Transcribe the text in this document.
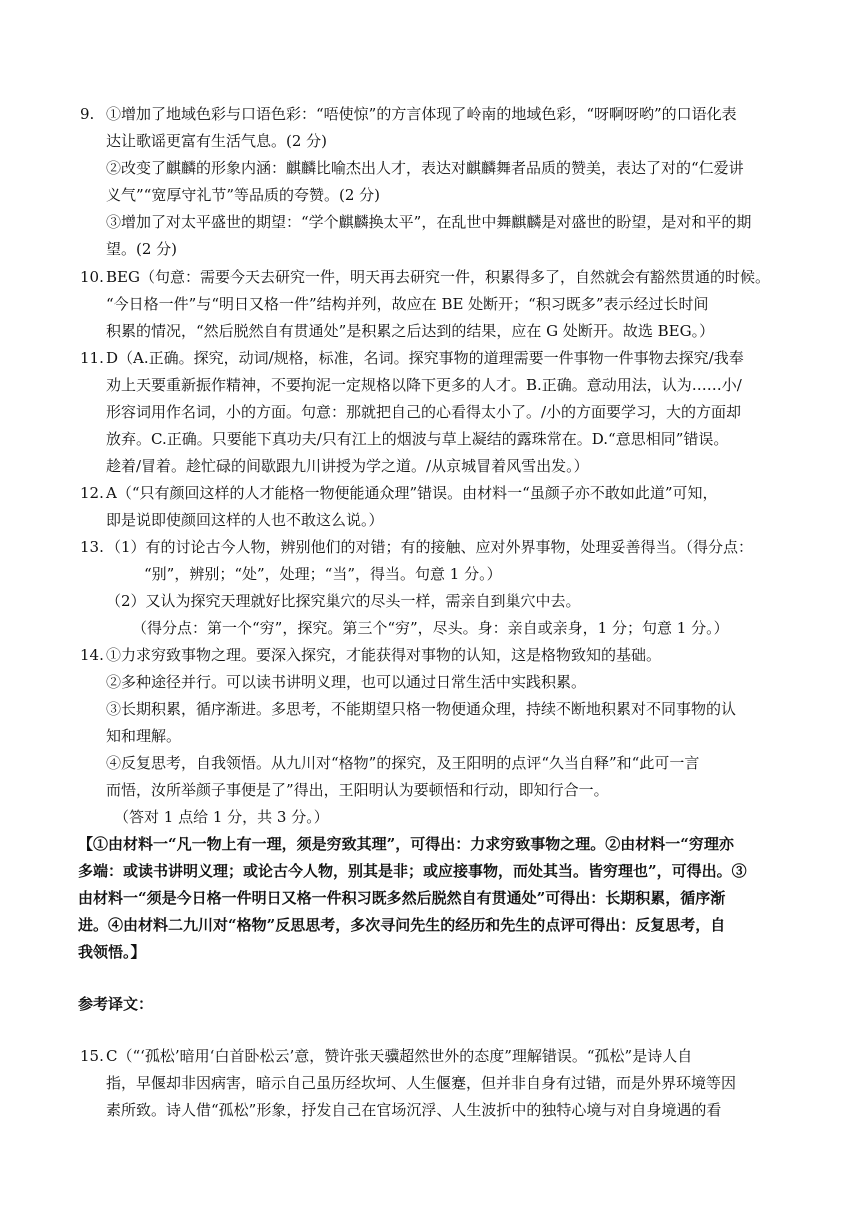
9. ①增加了地域色彩与口语色彩：“唔使惊”的方言体现了岭南的地域色彩，“呀啊呀哟”的口语化表
达让歌谣更富有生活气息。(2 分)
②改变了麒麟的形象内涵：麒麟比喻杰出人才，表达对麒麟舞者品质的赞美，表达了对的“仁爱讲
义气”“宽厚守礼节”等品质的夸赞。(2 分)
③增加了对太平盛世的期望：“学个麒麟换太平”，在乱世中舞麒麟是对盛世的盼望，是对和平的期
望。(2 分)
10. BEG（句意：需要今天去研究一件，明天再去研究一件，积累得多了，自然就会有豁然贯通的时候。
“今日格一件”与“明日又格一件”结构并列，故应在 BE 处断开；“积习既多”表示经过长时间
积累的情况，“然后脱然自有贯通处”是积累之后达到的结果，应在 G 处断开。故选 BEG。）
11. D（A.正确。探究，动词/规格，标准，名词。探究事物的道理需要一件事物一件事物去探究/我奉
劝上天要重新振作精神，不要拘泥一定规格以降下更多的人才。B.正确。意动用法，认为……小/
形容词用作名词，小的方面。句意：那就把自己的心看得太小了。/小的方面要学习，大的方面却
放弃。C.正确。只要能下真功夫/只有江上的烟波与草上凝结的露珠常在。D.“意思相同”错误。
趁着/冒着。趁忙碌的间歇跟九川讲授为学之道。/从京城冒着风雪出发。）
12. A（“只有颜回这样的人才能格一物便能通众理”错误。由材料一“虽颜子亦不敢如此道”可知，
即是说即使颜回这样的人也不敢这么说。）
13. （1）有的讨论古今人物，辨别他们的对错；有的接触、应对外界事物，处理妥善得当。（得分点：
“别”，辨别；“处”，处理；“当”，得当。句意 1 分。）
（2）又认为探究天理就好比探究巢穴的尽头一样，需亲自到巢穴中去。
（得分点：第一个“穷”，探究。第三个“穷”，尽头。身：亲自或亲身，1 分；句意 1 分。）
14. ①力求穷致事物之理。要深入探究，才能获得对事物的认知，这是格物致知的基础。
②多种途径并行。可以读书讲明义理，也可以通过日常生活中实践积累。
③长期积累，循序渐进。多思考，不能期望只格一物便通众理，持续不断地积累对不同事物的认
知和理解。
④反复思考，自我领悟。从九川对“格物”的探究，及王阳明的点评“久当自释”和“此可一言
而悟，汝所举颜子事便是了”得出，王阳明认为要顿悟和行动，即知行合一。
（答对 1 点给 1 分，共 3 分。）
【①由材料一“凡一物上有一理，须是穷致其理”，可得出：力求穷致事物之理。②由材料一“穷理亦
多端：或读书讲明义理；或论古今人物，别其是非；或应接事物，而处其当。皆穷理也”，可得出。③
由材料一“须是今日格一件明日又格一件积习既多然后脱然自有贯通处”可得出：长期积累，循序渐
进。④由材料二九川对“格物”反思思考，多次寻问先生的经历和先生的点评可得出：反复思考，自
我领悟。】
参考译文：
15. C（“‘孤松’暗用‘白首卧松云’意，赞许张天骥超然世外的态度”理解错误。“孤松”是诗人自
指，早偃却非因病害，暗示自己虽历经坎坷、人生偃蹇，但并非自身有过错，而是外界环境等因
素所致。诗人借“孤松”形象，抒发自己在官场沉浮、人生波折中的独特心境与对自身境遇的看
